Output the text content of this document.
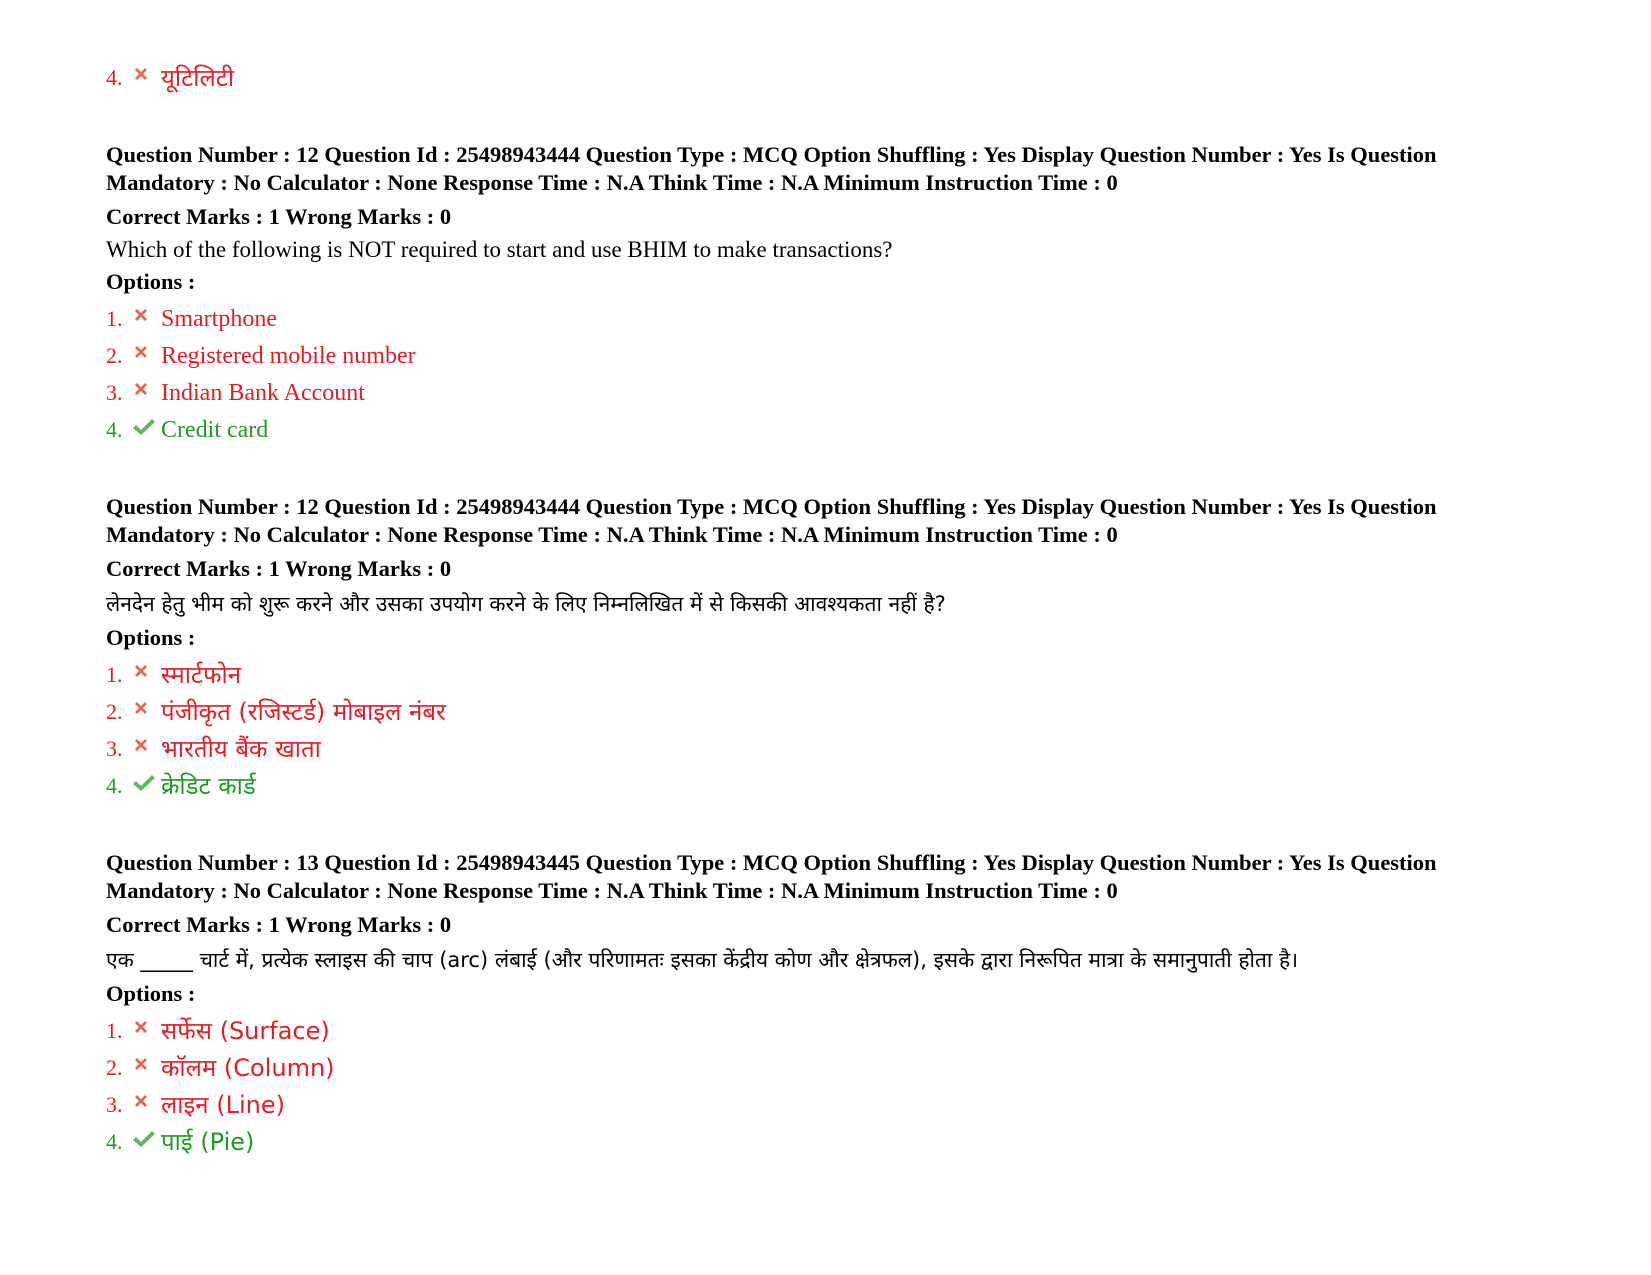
4.	यूटिलिटी
Question Number : 12 Question Id : 25498943444 Question Type : MCQ Option Shuffling : Yes Display Question Number : Yes Is Question Mandatory : No Calculator : None Response Time : N.A Think Time : N.A Minimum Instruction Time : 0
Correct Marks : 1 Wrong Marks : 0
Which of the following is NOT required to start and use BHIM to make transactions?
Options :
1.	Smartphone
2.	Registered mobile number
3.	Indian Bank Account
4.	Credit card
Question Number : 12 Question Id : 25498943444 Question Type : MCQ Option Shuffling : Yes Display Question Number : Yes Is Question Mandatory : No Calculator : None Response Time : N.A Think Time : N.A Minimum Instruction Time : 0
Correct Marks : 1 Wrong Marks : 0
लेनदेन हेतु भीम को शुरू करने और उसका उपयोग करने के लिए निम्नलिखित में से किसकी आवश्यकता नहीं है?
Options :
1.	स्मार्टफोन
2.	पंजीकृत (रजिस्टर्ड) मोबाइल नंबर
3.	भारतीय बैंक खाता
4.	क्रेडिट कार्ड
Question Number : 13 Question Id : 25498943445 Question Type : MCQ Option Shuffling : Yes Display Question Number : Yes Is Question Mandatory : No Calculator : None Response Time : N.A Think Time : N.A Minimum Instruction Time : 0
Correct Marks : 1 Wrong Marks : 0
एक _____ चार्ट में, प्रत्येक स्लाइस की चाप (arc) लंबाई (और परिणामतः इसका केंद्रीय कोण और क्षेत्रफल), इसके द्वारा निरूपित मात्रा के समानुपाती होता है।
Options :
1.	सर्फेस (Surface)
2.	कॉलम (Column)
3.	लाइन (Line)
4.	पाई (Pie)
